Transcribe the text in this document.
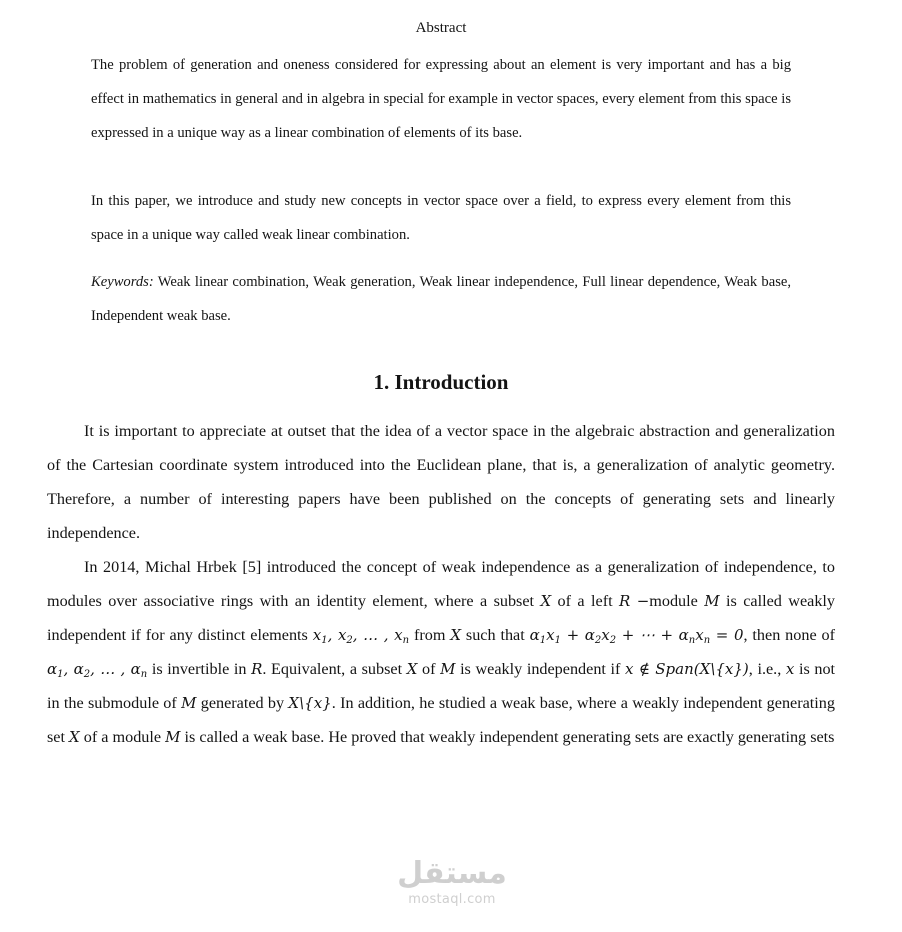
Abstract
The problem of generation and oneness considered for expressing about an element is very important and has a big effect in mathematics in general and in algebra in special for example in vector spaces, every element from this space is expressed in a unique way as a linear combination of elements of its base.
In this paper, we introduce and study new concepts in vector space over a field, to express every element from this space in a unique way called weak linear combination.
Keywords: Weak linear combination, Weak generation, Weak linear independence, Full linear dependence, Weak base, Independent weak base.
1. Introduction
It is important to appreciate at outset that the idea of a vector space in the algebraic abstraction and generalization of the Cartesian coordinate system introduced into the Euclidean plane, that is, a generalization of analytic geometry. Therefore, a number of interesting papers have been published on the concepts of generating sets and linearly independence.
In 2014, Michal Hrbek [5] introduced the concept of weak independence as a generalization of independence, to modules over associative rings with an identity element, where a subset X of a left R −module M is called weakly independent if for any distinct elements $x_1$, $x_2$, … , $x_n$ from X such that $\alpha_1x_1 + \alpha_2x_2$ + ⋯ + $\alpha_nx_n = 0$, then none of $\alpha_1$, $\alpha_2$, … , $\alpha_n$ is invertible in R. Equivalent, a subset X of M is weakly independent if x ∉ Span(X\{x}), i.e., x is not in the submodule of M generated by X\{x}. In addition, he studied a weak base, where a weakly independent generating set X of a module M is called a weak base. He proved that weakly independent generating sets are exactly generating sets
مستقل
mostaql.com
